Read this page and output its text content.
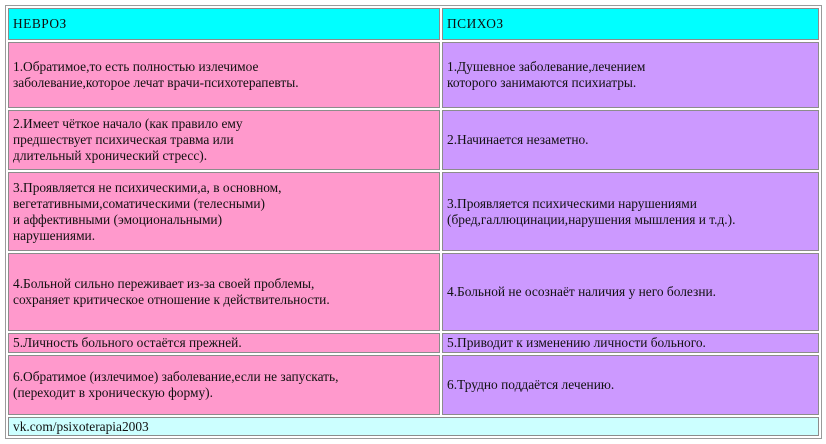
НЕВРОЗ	ПСИХОЗ

1.Обратимое,то есть полностью излечимое
заболевание,которое лечат врачи-психотерапевты.	1.Душевное заболевание,лечением
которого занимаются психиатры.

2.Имеет чёткое начало (как правило ему
предшествует психическая травма или
длительный хронический стресс).	2.Начинается незаметно.

3.Проявляется не психическими,а, в основном,
вегетативными,соматическими (телесными)
и аффективными (эмоциональными)
нарушениями.	3.Проявляется психическими нарушениями
(бред,галлюцинации,нарушения мышления и т.д.).

4.Больной сильно переживает из-за своей проблемы,
сохраняет критическое отношение к действительности.	4.Больной не осознаёт наличия у него болезни.

5.Личность больного остаётся прежней.	5.Приводит к изменению личности больного.

6.Обратимое (излечимое) заболевание,если не запускать,
(переходит в хроническую форму).	6.Трудно поддаётся лечению.

vk.com/psixoterapia2003	
